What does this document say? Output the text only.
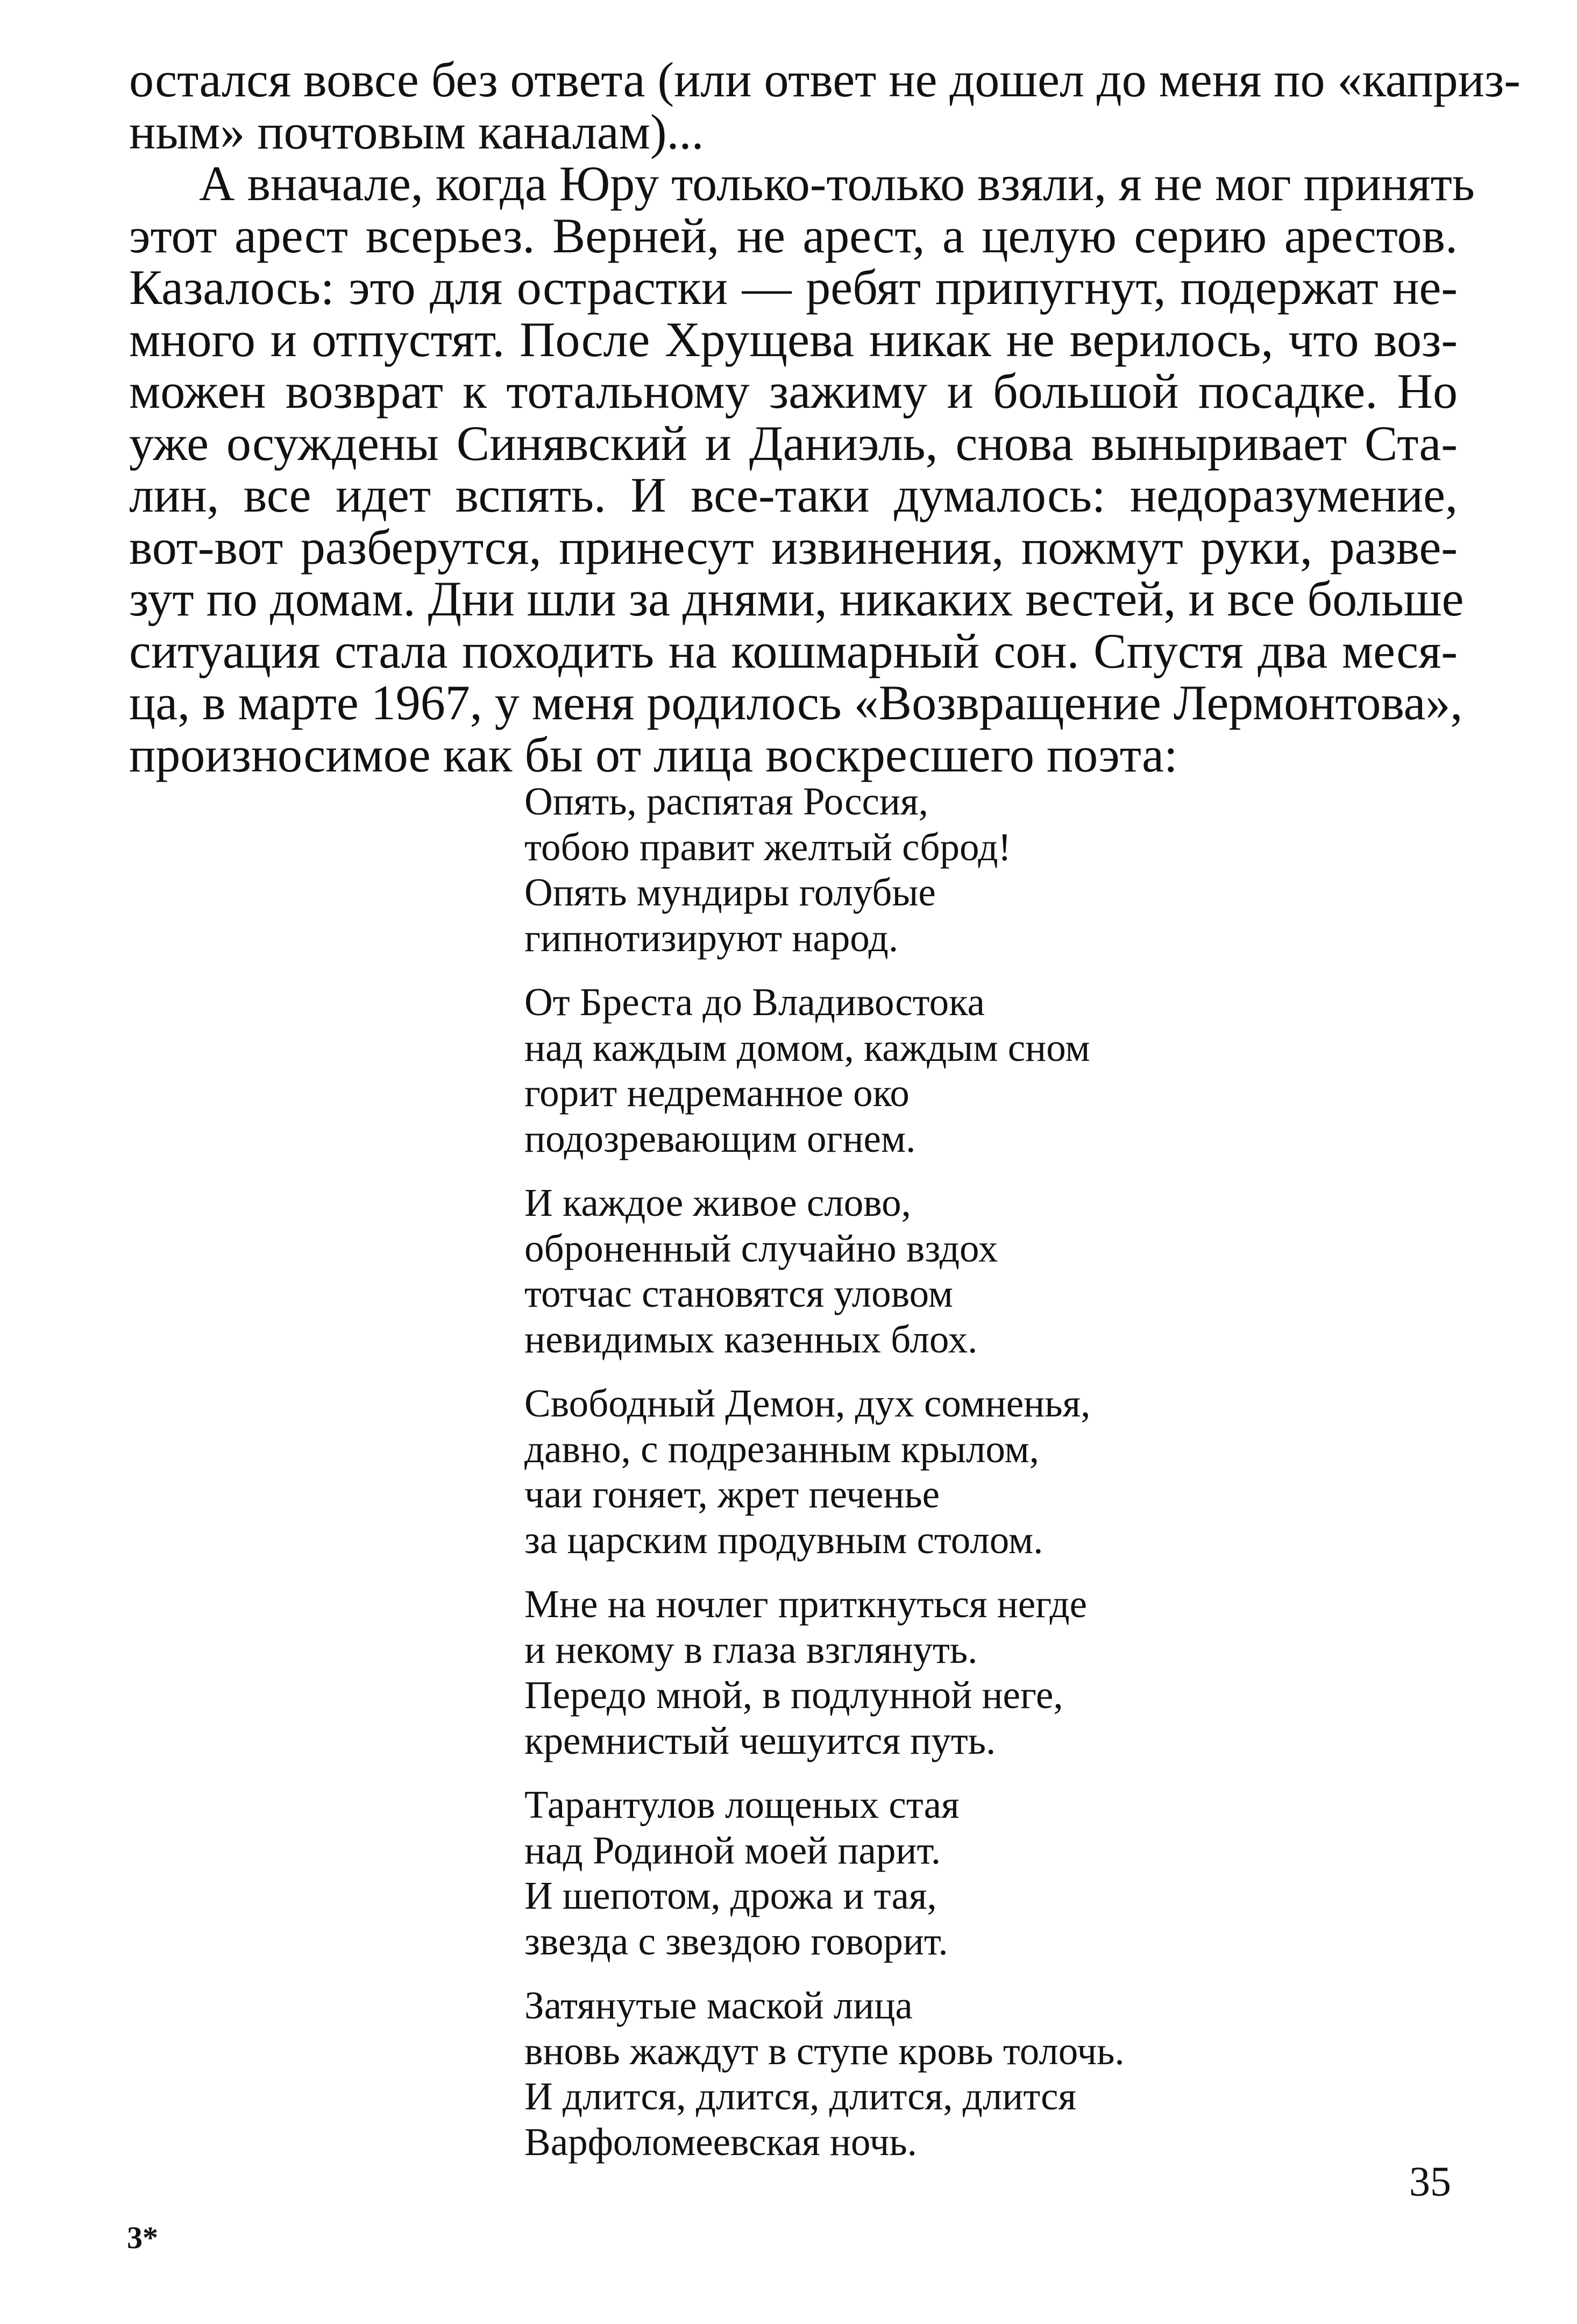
остался вовсе без ответа (или ответ не дошел до меня по «каприз-

ным» почтовым каналам)...

А вначале, когда Юру только-только взяли, я не мог принять

этот арест всерьез. Верней, не арест, а целую серию арестов.

Казалось: это для острастки — ребят припугнут, подержат не-

много и отпустят. После Хрущева никак не верилось, что воз-

можен возврат к тотальному зажиму и большой посадке. Но

уже осуждены Синявский и Даниэль, снова выныривает Ста-

лин, все идет вспять. И все-таки думалось: недоразумение,

вот-вот разберутся, принесут извинения, пожмут руки, разве-

зут по домам. Дни шли за днями, никаких вестей, и все больше

ситуация стала походить на кошмарный сон. Спустя два меся-

ца, в марте 1967, у меня родилось «Возвращение Лермонтова»,

произносимое как бы от лица воскресшего поэта:

Опять, распятая Россия,
тобою правит желтый сброд!
Опять мундиры голубые
гипнотизируют народ.
От Бреста до Владивостока
над каждым домом, каждым сном
горит недреманное око
подозревающим огнем.
И каждое живое слово,
оброненный случайно вздох
тотчас становятся уловом
невидимых казенных блох.
Свободный Демон, дух сомненья,
давно, с подрезанным крылом,
чаи гоняет, жрет печенье
за царским продувным столом.
Мне на ночлег приткнуться негде
и некому в глаза взглянуть.
Передо мной, в подлунной неге,
кремнистый чешуится путь.
Тарантулов лощеных стая
над Родиной моей парит.
И шепотом, дрожа и тая,
звезда с звездою говорит.
Затянутые маской лица
вновь жаждут в ступе кровь толочь.
И длится, длится, длится, длится
Варфоломеевская ночь.
35
3*
